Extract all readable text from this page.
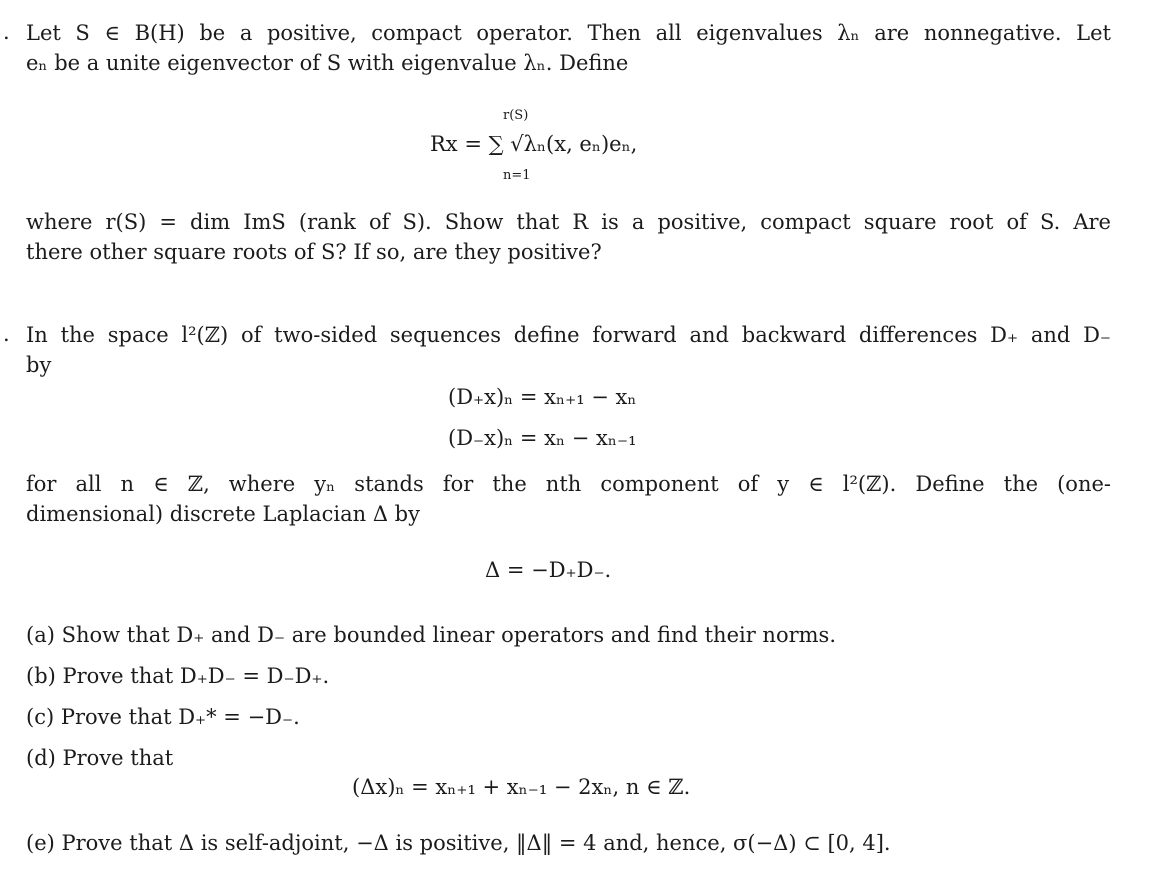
. Let S ∈ B(H) be a positive, compact operator. Then all eigenvalues λₙ are nonnegative. Let
eₙ be a unite eigenvector of S with eigenvalue λₙ. Define
r(S)
Rx = ∑ √λₙ(x, eₙ)eₙ,
n=1
where r(S) = dim ImS (rank of S). Show that R is a positive, compact square root of S. Are
there other square roots of S? If so, are they positive?
. In the space l²(ℤ) of two-sided sequences define forward and backward differences D₊ and D₋
by
(D₊x)ₙ = xₙ₊₁ − xₙ
(D₋x)ₙ = xₙ − xₙ₋₁
for all n ∈ ℤ, where yₙ stands for the nth component of y ∈ l²(ℤ). Define the (one-
dimensional) discrete Laplacian Δ by
Δ = −D₊D₋.
(a) Show that D₊ and D₋ are bounded linear operators and find their norms.
(b) Prove that D₊D₋ = D₋D₊.
(c) Prove that D₊* = −D₋.
(d) Prove that
(Δx)ₙ = xₙ₊₁ + xₙ₋₁ − 2xₙ, n ∈ ℤ.
(e) Prove that Δ is self-adjoint, −Δ is positive, ‖Δ‖ = 4 and, hence, σ(−Δ) ⊂ [0, 4].
